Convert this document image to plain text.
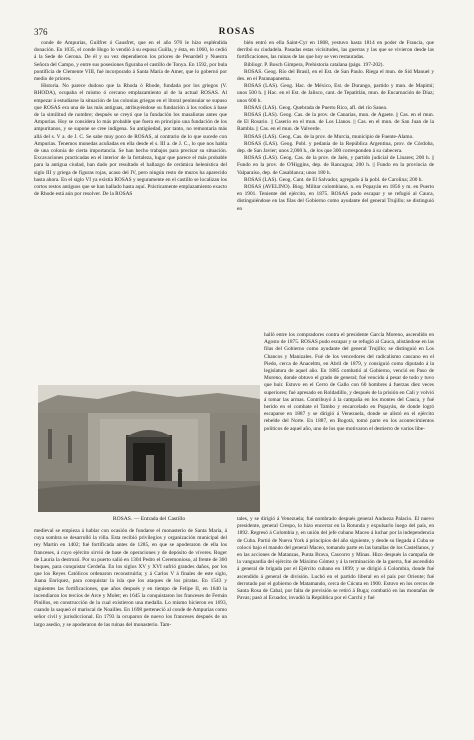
376	ROSAS

conde de Ampurias, Guilfret ó Gausfret, que en el año 976 le hizo espléndida donación. En 1035, el conde Hugo lo vendió á su esposa Guilla, y ésta, en 1060, lo cedió á la Sede de Gerona. De él y su vez dependieron los priores de Penardell y Nuestra Señora del Campo, y entre sus posesiones figuraba el castillo de Tonya. En 1592, por bula pontificia de Clemente VIII, fué incorporado á Santa María de Amer, que lo gobernó por medio de priores.

Historia. No parece dudoso que la Rhoda ó Rhode, fundada por los griegos (V. RHODA), ocupaba el mismo ó cercano emplazamiento al de la actual ROSAS. Al empezar á estudiarse la situación de las colonias griegas en el litoral peninsular se supuso que ROSAS era una de las más antiguas, atribuyéndose su fundación á los rodios á base de la similitud de nombre; después se creyó que la fundación los masaliotas antes que Ampurias. Hoy se considera lo más probable que fuera en principio una fundación de los ampuritanos, y se supone se cree indígena. Su antigüedad, por tanto, no remontaría más allá del s. V a. de J. C. Se sabe muy poco de ROSAS, al contrario de lo que sucede con Ampurias. Tenemos monedas acuñadas en ella desde el s. III a. de J. C., lo que nos habla de una colonia de cierta importancia. Se han hecho trabajos para precisar su situación. Excavaciones practicadas en el interior de la fortaleza, lugar que parece el más probable para la antigua ciudad, han dado por resultado el hallazgo de cerámica helenística del siglo III y griega de figuras rojas, acaso del IV, pero ningún resto de muros ha aparecido hasta ahora. En el siglo VI ya existía ROSAS y seguramente en el castillo se localizan los cortos restos antiguos que se han hallado hasta aquí. Prácticamente emplazamiento exacto de Rhode está aún por resolver. De la ROSAS

bién entró en ella Saint-Cyr en 1808, yestuvo hasta 1814 en poder de Francia, que derribó su ciudadela. Pasadas estas vicisitudes, las guerras y las que se vivieron desde las fortificaciones, las ruinas de las que hoy se ven restauradas.

Bibliogr. P. Bosch Gimpera, Prehistoria catalana (págs. 197-202).

ROSAS. Geog. Río del Brasil, en el Est. de San Paulo. Riega el mun. de Sid Manuel y des. en el Paranapanema.

ROSAS (LAS). Geog. Hac. de México, Est. de Durango, partido y mun. de Mapimí; unos 500 h. || Hac. en el Est. de Jalisco, cant. de Tepatitlán, mun. de Encarnación de Díaz; unos 600 h.

ROSAS (LAS). Geog. Quebrada de Puerto Rico, afl. del río Sanea.

ROSAS (LAS). Geog. Cas. de la prov. de Canarias, mun. de Agaete. || Cas. en el mun. de El Rosario. || Caserío en el mun. de Los Llanos. || Cas. en el mun. de San Juan de la Rambla. || Cas. en el mun. de Valverde.

ROSAS (LAS). Geog. Cas. de la prov. de Murcia, municipio de Fuente-Alamo.

ROSAS (LAS). Geog. Pobl. y pedanía de la República Argentina, prov. de Córdoba, dep. de San Javier; unos 2,000 h., de los que 300 corresponden á su cabecera.

ROSAS (LAS). Geog. Cas. de la prov. de Jaén, y partido judicial de Linares; 200 h. || Fundo en la prov. de O'Higgins, dep. de Rancagua; 200 h. || Fundo en la provincia de Valparaíso, dep. de Casablanca; unos 180 h.

ROSAS (LAS). Geog. Cant. de El Salvador, agregado á la pobl. de Carolina; 200 h.

ROSAS (AVELINO). Biog. Militar colombiano, n. en Popayán en 1856 y m. en Puerto en 1901. Teniente del ejército, en 1875. ROSAS pudo escapar y se refugió al Cauca, distinguiéndose en las filas del Gobierno como ayudante del general Trujillo; se distinguió en

ROSAS. — Entrada del Castillo

halló entre los compradores contra el presidente García Moreno, ascendido en Agosto de 1875. ROSAS pudo escapar y se refugió al Cauca, alistándose en las filas del Gobierno como ayudante del general Trujillo; se distinguió en Los Chancos y Manizales. Fué de los vencedores del radicalismo caucano en el Piedo, cerca de Anaceltm, en Abril de 1879, y consiguió como diputado á la legislatura de aquel año. En 1885 combatió al Gobierno, venció en Paso de Moreno, donde obtuvo el grado de general; fué vencido á pesar de todo y tuvo que huir. Estuvo en el Cerro de Gallo con 60 hombres á fuerzas diez veces superiores; fué apresado en Roldadillo, y después de la prisión en Cali y volvió á tomar las armas. Contribuyó á la campaña en los montes del Cauca, y fué herido en el combate el Tambo y encarcelado en Popayán, de donde logró escaparse en 1887 y se dirigió á Venezuela, donde se alistó en el ejército rebelde del Norte. En 1887, en Bogotá, tomó parte en los acontecimientos políticos de aquel año, uno de los que motivaron el destierro de varios libe-

medieval se empieza á hablar con ocasión de fundarse el monasterio de Santa María, á cuya sombra se desarrolló la villa. Esta recibió privilegios y organización municipal del rey Martín en 1402; fué fortificada antes de 1285, en que se apoderaron de ella los franceses, á cuyo ejército sirvió de base de operaciones y de depósito de víveres. Roger de Lauria la destrozó. Por su puerto salió en 1304 Pedro el Ceremonioso, al frente de 360 buques, para conquistar Cerdeña. En los siglos XV y XVI sufrió grandes daños, por los que los Reyes Católicos ordenaron reconstruirla; y á Carlos V á finales de este siglo, Juana Enríquez, para conquistar la isla que los ataques de los piratas. En 1543 y siguientes las fortificaciones, que años después y en tiempo de Felipe II, en 1640 la incendiaron los tercios de Arce y Molet; en 1645 la conquistaron los franceses de Fernán Pinillos, en construcción de la cual existieron una medalla. Lo mismo hicieron en 1693, cuando la saqueó el mariscal de Noailles. En 1698 perteneció al conde de Ampurias como señor civil y jurisdiccional. En 1793 la ocuparon de nuevo los franceses después de un largo asedio, y se apoderaron de las ruinas del monasterio. Tam-

tales, y se dirigió á Venezuela; fué nombrado después general Andueza Palacio. El nuevo presidente, general Crespo, lo hizo encerrar en la Rotunda y expulsarlo luego del país, en 1892. Regresó á Colombia y, en unión del jefe cubano Maceo á luchar por la independencia de Cuba. Partió de Nueva York á principios del año siguiente, y desde su llegada á Cuba se colocó bajo el mando del general Maceo, tomando parte en las batallas de los Castellanos, y en las acciones de Matanzas, Punta Brava, Cascorro y Minas. Hizo después la campaña de la vanguardia del ejército de Máximo Gómez y á la terminación de la guerra, fué ascendido á general de brigada por el Ejército cubano en 1899; y se dirigió á Colombia, donde fué ascendido á general de división. Luchó en el partido liberal en el país por Oriente; fué derrotado por el gobierno de Matamando, cerca de Cúcuta en 1900. Estuvo en los cercos de Santa Rosa de Cabal, por falta de previsión se retiró á Buga; combatió en las montañas de Pavas; pasó al Ecuador, invadió la República por el Carchi y fué
